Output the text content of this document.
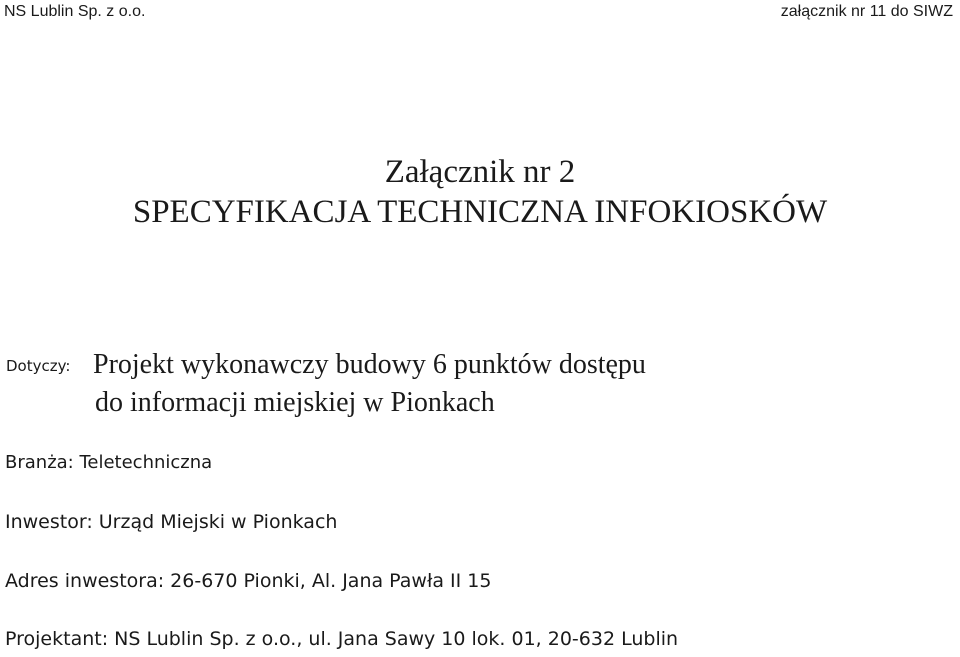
NS Lublin Sp. z o.o.	załącznik nr 11 do SIWZ
Załącznik nr 2
SPECYFIKACJA TECHNICZNA INFOKIOSKÓW
Dotyczy: Projekt wykonawczy budowy 6 punktów dostępu
do informacji miejskiej w Pionkach
Branża: Teletechniczna
Inwestor: Urząd Miejski w Pionkach
Adres inwestora: 26-670 Pionki, Al. Jana Pawła II 15
Projektant: NS Lublin Sp. z o.o., ul. Jana Sawy 10 lok. 01, 20-632 Lublin
